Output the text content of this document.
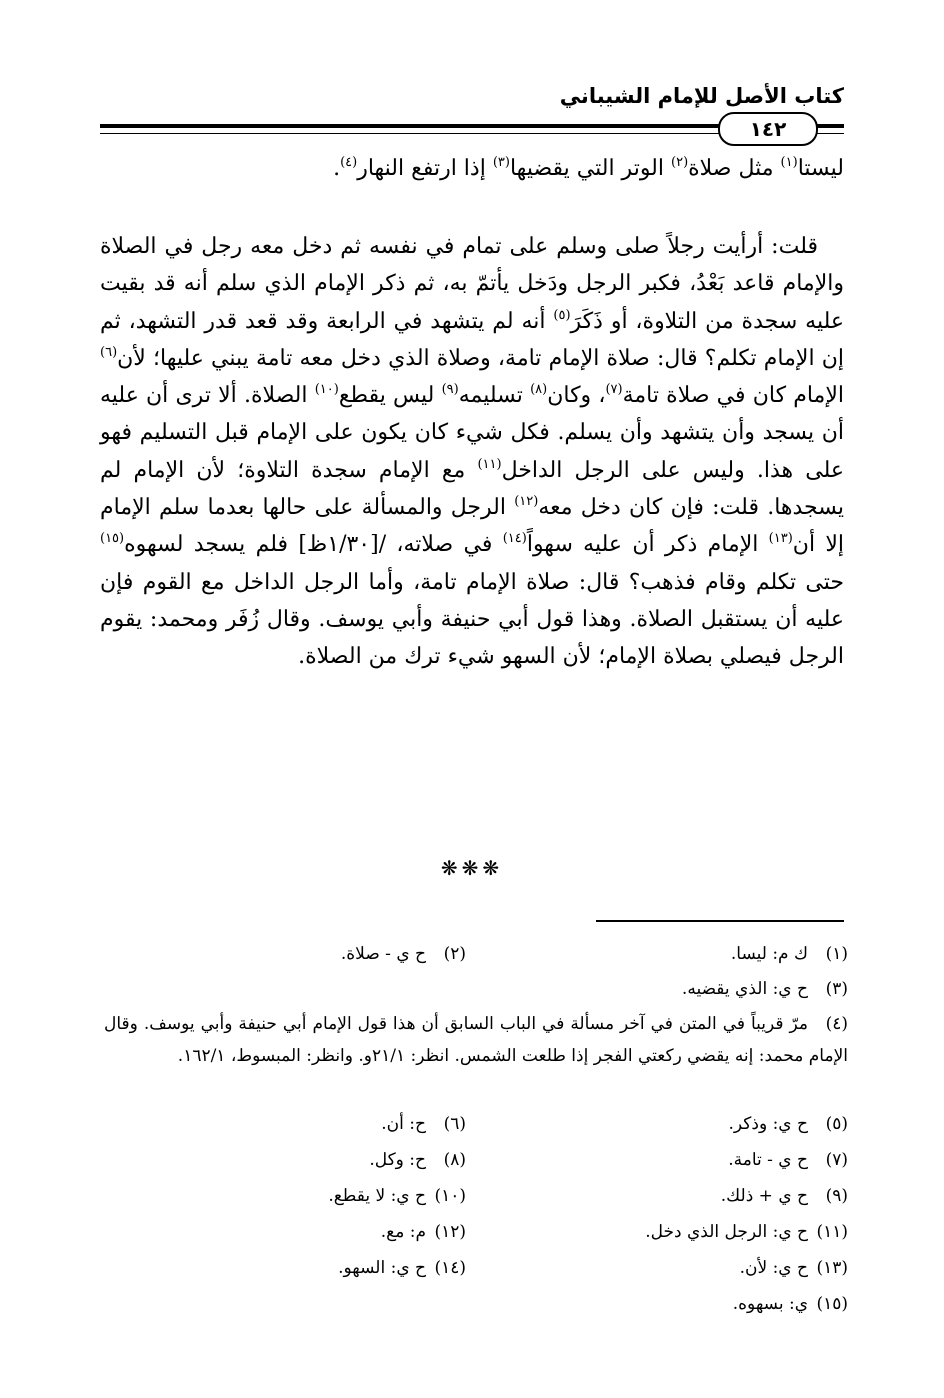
كتاب الأصل للإمام الشيباني
١٤٢
ليستا$^{(١)}$ مثل صلاة$^{(٢)}$ الوتر التي يقضيها$^{(٣)}$ إذا ارتفع النهار$^{(٤)}$.
قلت: أرأيت رجلاً صلى وسلم على تمام في نفسه ثم دخل معه رجل في الصلاة والإمام قاعد بَعْدُ، فكبر الرجل ودَخل يأتمّ به، ثم ذكر الإمام الذي سلم أنه قد بقيت عليه سجدة من التلاوة، أو ذَكَرَ$^{(٥)}$ أنه لم يتشهد في الرابعة وقد قعد قدر التشهد، ثم إن الإمام تكلم؟ قال: صلاة الإمام تامة، وصلاة الذي دخل معه تامة يبني عليها؛ لأن$^{(٦)}$ الإمام كان في صلاة تامة$^{(٧)}$، وكان$^{(٨)}$ تسليمه$^{(٩)}$ ليس يقطع$^{(١٠)}$ الصلاة. ألا ترى أن عليه أن يسجد وأن يتشهد وأن يسلم. فكل شيء كان يكون على الإمام قبل التسليم فهو على هذا. وليس على الرجل الداخل$^{(١١)}$ مع الإمام سجدة التلاوة؛ لأن الإمام لم يسجدها. قلت: فإن كان دخل معه$^{(١٢)}$ الرجل والمسألة على حالها بعدما سلم الإمام إلا أن$^{(١٣)}$ الإمام ذكر أن عليه سهواً$^{(١٤)}$ في صلاته، /[١/٣٠ظ] فلم يسجد لسهوه$^{(١٥)}$ حتى تكلم وقام فذهب؟ قال: صلاة الإمام تامة، وأما الرجل الداخل مع القوم فإن عليه أن يستقبل الصلاة. وهذا قول أبي حنيفة وأبي يوسف. وقال زُفَر ومحمد: يقوم الرجل فيصلي بصلاة الإمام؛ لأن السهو شيء ترك من الصلاة.
❋❋❋
(١)ك م: ليسا.
(٢)ح ي - صلاة.
(٣)ح ي: الذي يقضيه.
(٤)مرّ قريباً في المتن في آخر مسألة في الباب السابق أن هذا قول الإمام أبي حنيفة وأبي يوسف. وقال الإمام محمد: إنه يقضي ركعتي الفجر إذا طلعت الشمس. انظر: ٢١/١و. وانظر: المبسوط، ١٦٢/١.
(٥)ح ي: وذكر.
(٦)ح: أن.
(٧)ح ي - تامة.
(٨)ح: وكل.
(٩)ح ي + ذلك.
(١٠)ح ي: لا يقطع.
(١١)ح ي: الرجل الذي دخل.
(١٢)م: مع.
(١٣)ح ي: لأن.
(١٤)ح ي: السهو.
(١٥)ي: بسهوه.
